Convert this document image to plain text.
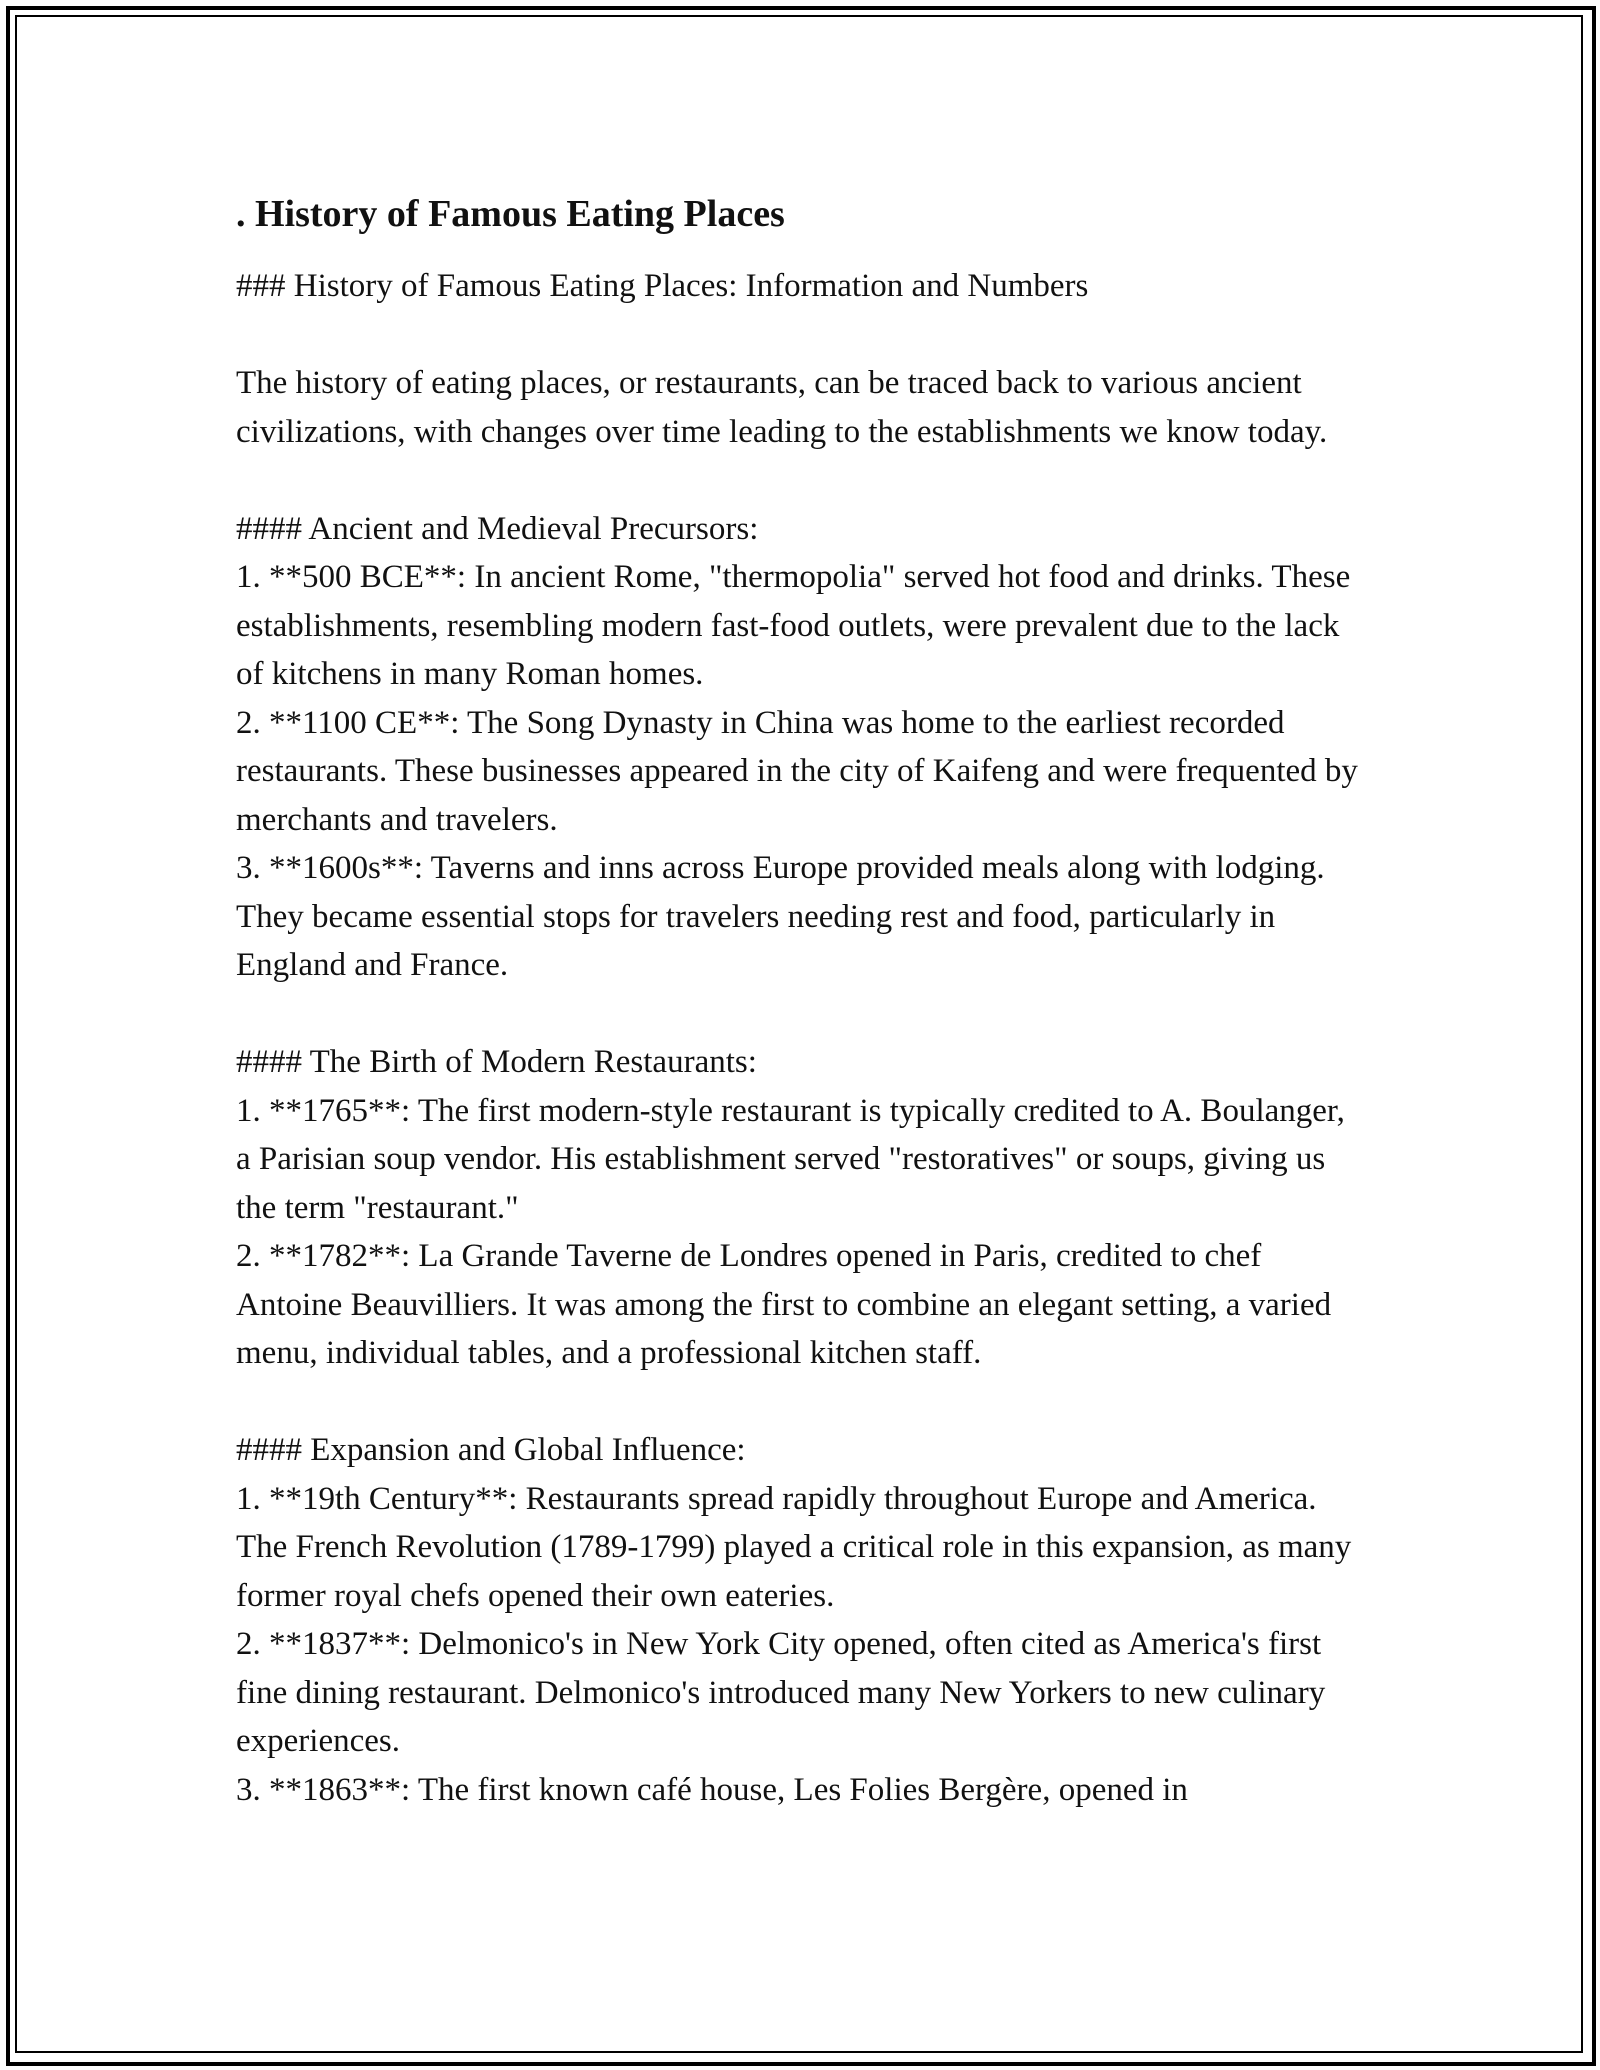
. History of Famous Eating Places

### History of Famous Eating Places: Information and Numbers

The history of eating places, or restaurants, can be traced back to various ancient civilizations, with changes over time leading to the establishments we know today.

#### Ancient and Medieval Precursors:

1. **500 BCE**: In ancient Rome, "thermopolia" served hot food and drinks. These establishments, resembling modern fast-food outlets, were prevalent due to the lack of kitchens in many Roman homes.

2. **1100 CE**: The Song Dynasty in China was home to the earliest recorded restaurants. These businesses appeared in the city of Kaifeng and were frequented by merchants and travelers.

3. **1600s**: Taverns and inns across Europe provided meals along with lodging. They became essential stops for travelers needing rest and food, particularly in England and France.

#### The Birth of Modern Restaurants:

1. **1765**: The first modern-style restaurant is typically credited to A. Boulanger, a Parisian soup vendor. His establishment served "restoratives" or soups, giving us the term "restaurant."

2. **1782**: La Grande Taverne de Londres opened in Paris, credited to chef Antoine Beauvilliers. It was among the first to combine an elegant setting, a varied menu, individual tables, and a professional kitchen staff.

#### Expansion and Global Influence:

1. **19th Century**: Restaurants spread rapidly throughout Europe and America. The French Revolution (1789-1799) played a critical role in this expansion, as many former royal chefs opened their own eateries.

2. **1837**: Delmonico's in New York City opened, often cited as America's first fine dining restaurant. Delmonico's introduced many New Yorkers to new culinary experiences.

3. **1863**: The first known café house, Les Folies Bergère, opened in
